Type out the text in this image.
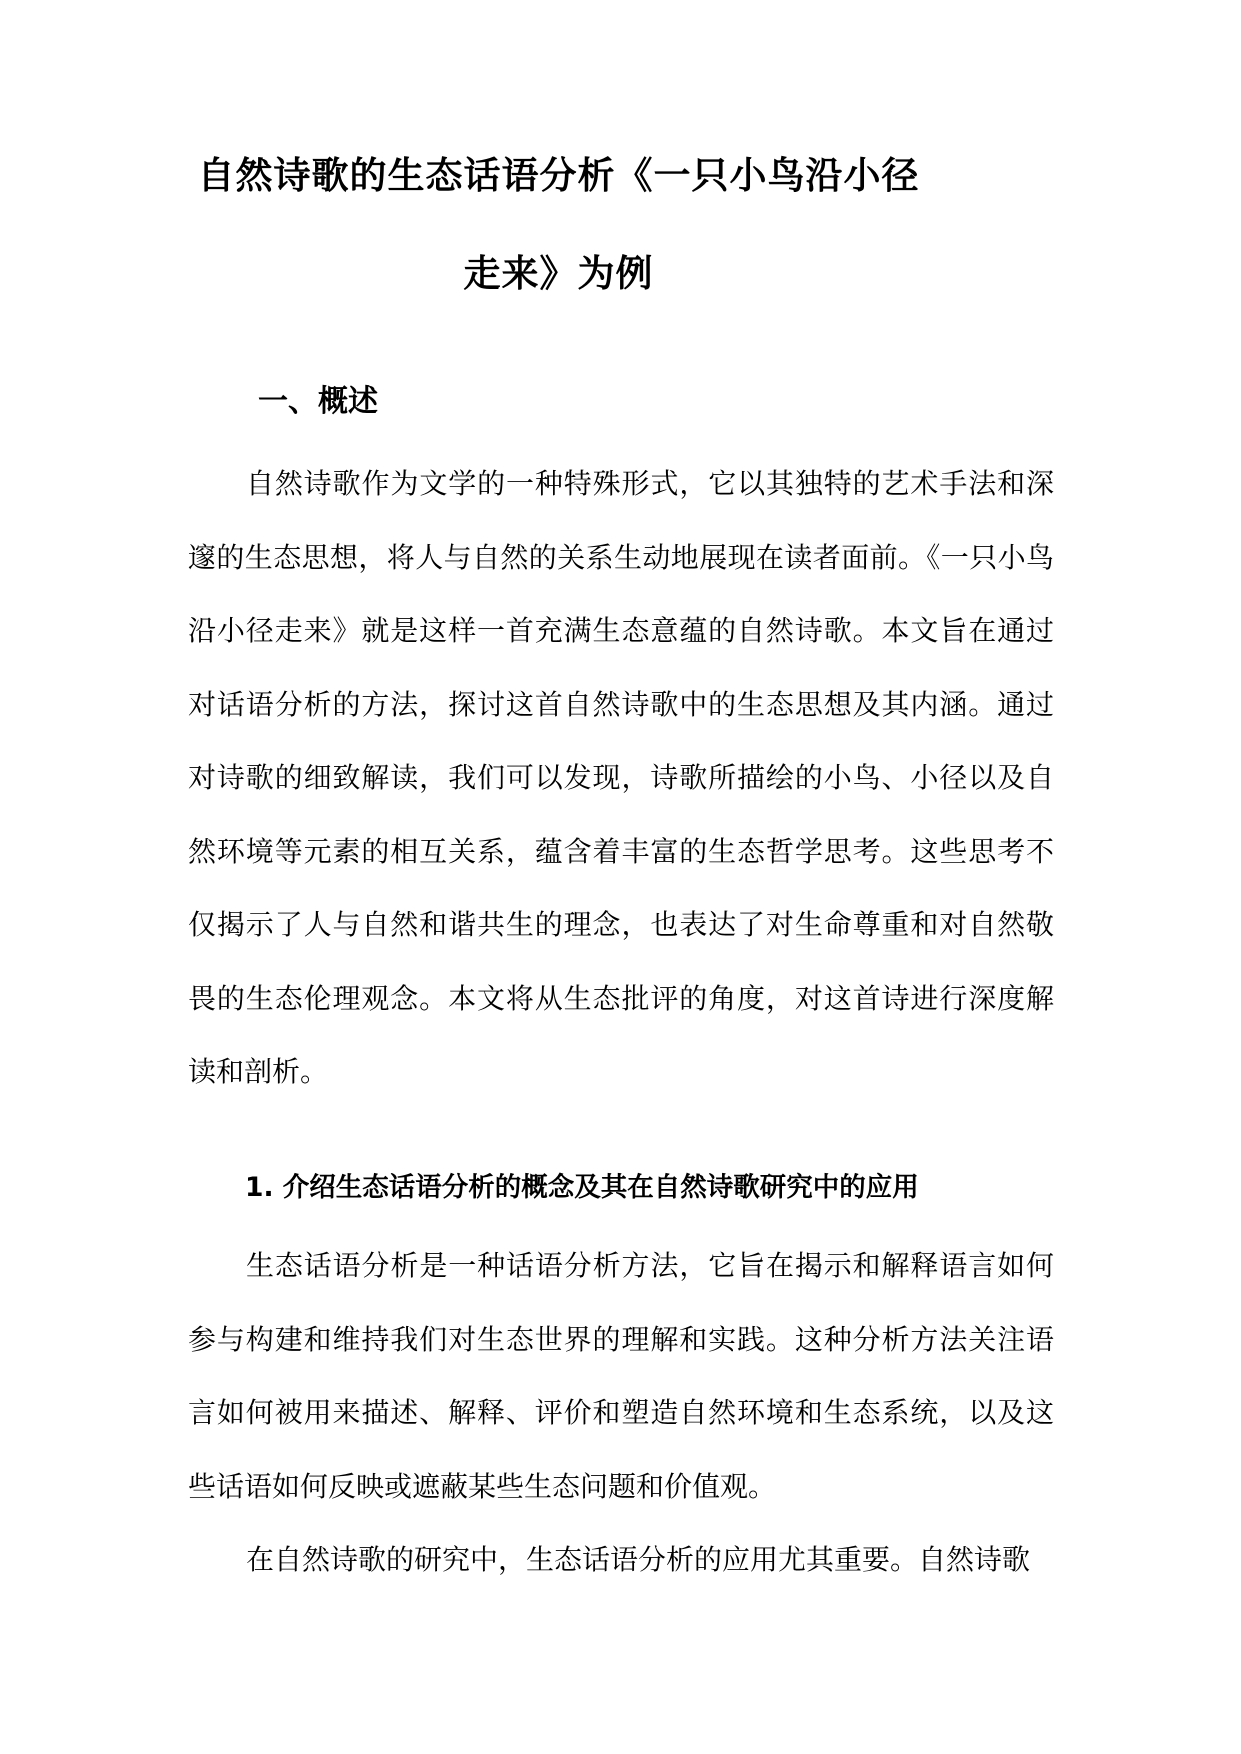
自然诗歌的生态话语分析《一只小鸟沿小径
走来》为例
一、概述

自然诗歌作为文学的一种特殊形式，它以其独特的艺术手法和深邃的生态思想，将人与自然的关系生动地展现在读者面前。《一只小鸟沿小径走来》就是这样一首充满生态意蕴的自然诗歌。本文旨在通过对话语分析的方法，探讨这首自然诗歌中的生态思想及其内涵。通过对诗歌的细致解读，我们可以发现，诗歌所描绘的小鸟、小径以及自然环境等元素的相互关系，蕴含着丰富的生态哲学思考。这些思考不仅揭示了人与自然和谐共生的理念，也表达了对生命尊重和对自然敬畏的生态伦理观念。本文将从生态批评的角度，对这首诗进行深度解读和剖析。

1. 介绍生态话语分析的概念及其在自然诗歌研究中的应用

生态话语分析是一种话语分析方法，它旨在揭示和解释语言如何参与构建和维持我们对生态世界的理解和实践。这种分析方法关注语言如何被用来描述、解释、评价和塑造自然环境和生态系统，以及这些话语如何反映或遮蔽某些生态问题和价值观。

在自然诗歌的研究中，生态话语分析的应用尤其重要。自然诗歌
